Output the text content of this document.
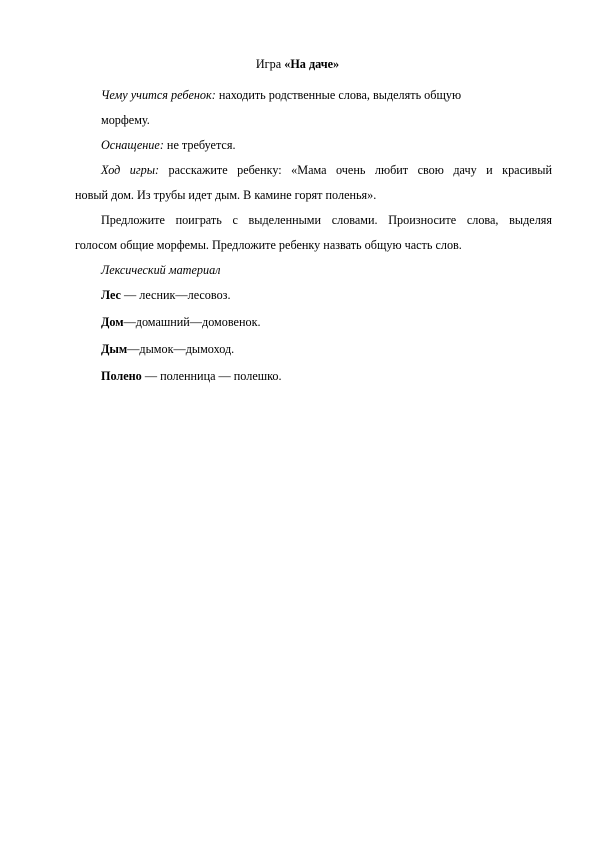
Игра «На даче»
Чему учится ребенок: находить родственные слова, выделять общую
морфему.
Оснащение: не требуется.
Ход игры: расскажите ребенку: «Мама очень любит свою дачу и красивый
новый дом. Из трубы идет дым. В камине горят поленья».
Предложите поиграть с выделенными словами. Произносите слова, выделяя
голосом общие морфемы. Предложите ребенку назвать общую часть слов.
Лексический материал
Лес — лесник—лесовоз.
Дом—домашний—домовенок.
Дым—дымок—дымоход.
Полено — поленница — полешко.
